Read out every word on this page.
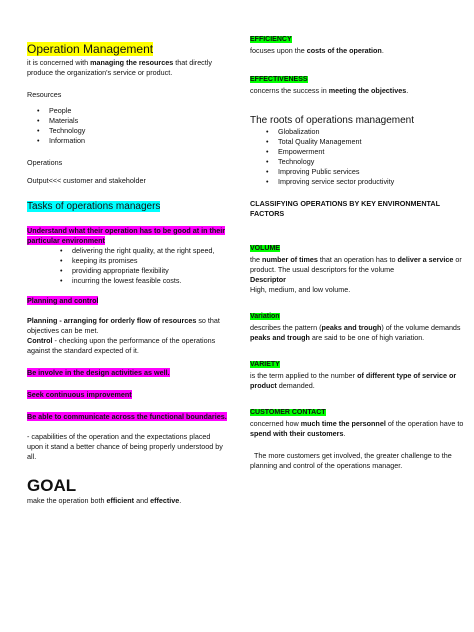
Operation Management

it is concerned with managing the resources that directly produce the organization's service or product.

Resources

• People
• Materials
• Technology
• Information

Operations

Output<<< customer and stakeholder

Tasks of operations managers

Understand what their operation has to be good at in their particular environment

• delivering the right quality, at the right speed,
• keeping its promises
• providing appropriate flexibility
• incurring the lowest feasible costs.

Planning and control

Planning - arranging for orderly flow of resources so that objectives can be met.

Control - checking upon the performance of the operations against the standard expected of it.

Be involve in the design activities as well.

Seek continuous improvement

Be able to communicate across the functional boundaries.

- capabilities of the operation and the expectations placed upon it stand a better chance of being properly understood by all.

GOAL

make the operation both efficient and effective.

EFFICIENCY

focuses upon the costs of the operation.

EFFECTIVENESS

concerns the success in meeting the objectives.

The roots of operations management

• Globalization
• Total Quality Management
• Empowerment
• Technology
• Improving Public services
• Improving service sector productivity

CLASSIFYING OPERATIONS BY KEY ENVIRONMENTAL FACTORS

VOLUME

the number of times that an operation has to deliver a service or product. The usual descriptors for the volume
Descriptor

High, medium, and low volume.

Variation

describes the pattern (peaks and trough) of the volume demands

peaks and trough are said to be one of high variation.

VARIETY

is the term applied to the number of different type of service or product demanded.

CUSTOMER CONTACT

concerned how much time the personnel of the operation have to spend with their customers.

The more customers get involved, the greater challenge to the planning and control of the operations manager.
